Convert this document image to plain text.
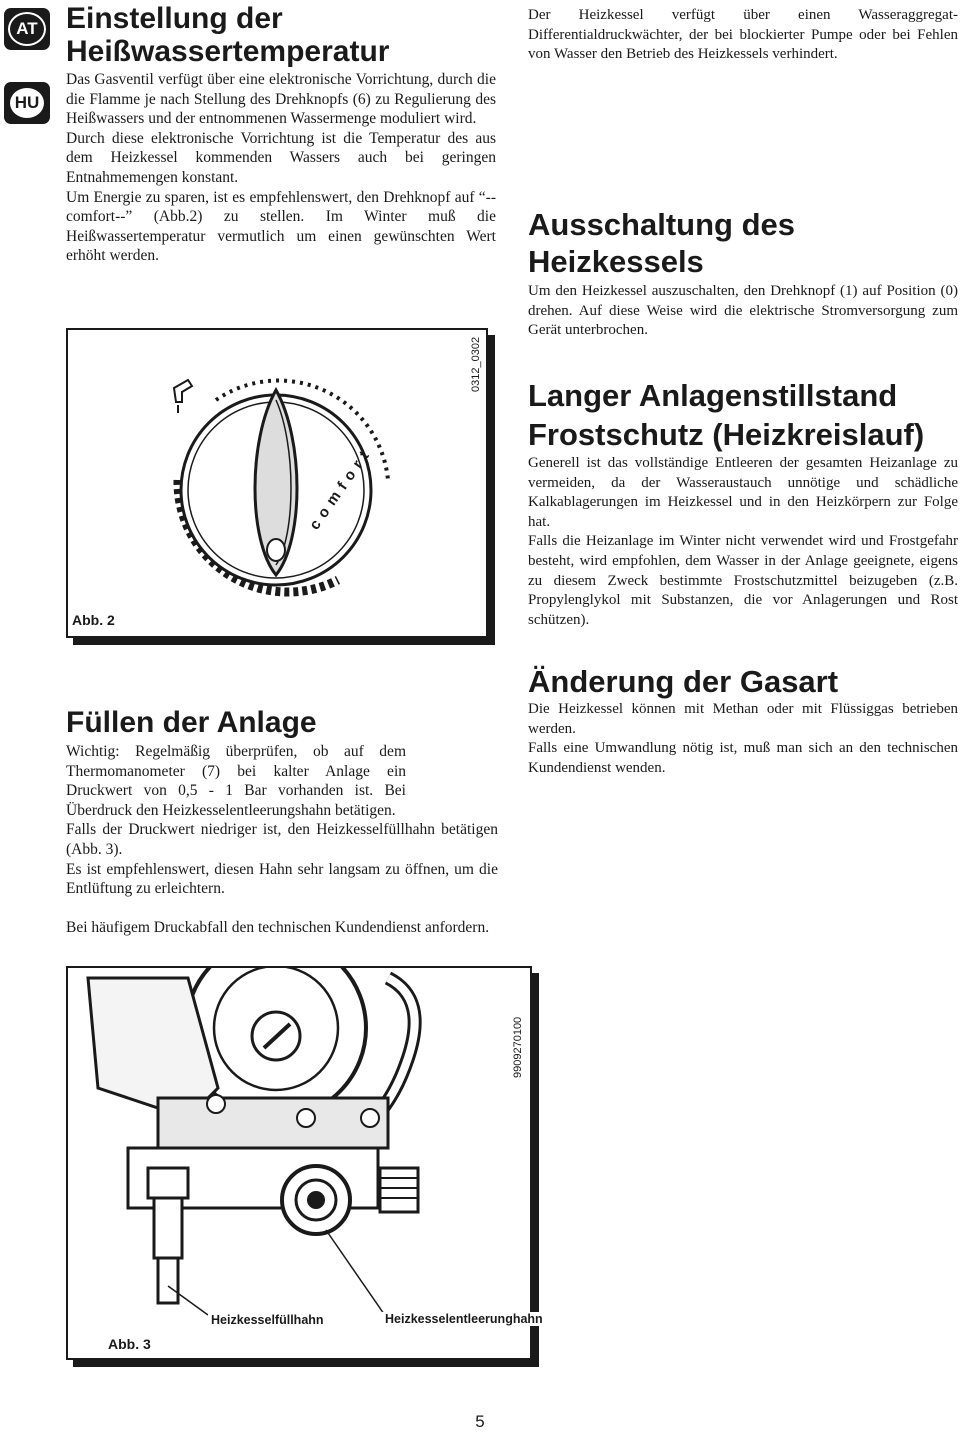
AT
HU
Einstellung der
Heißwassertemperatur

Das Gasventil verfügt über eine elektronische Vorrichtung, durch die die Flamme je nach Stellung des Drehknopfs (6) zu Regulierung des Heißwassers und der entnommenen Wassermenge moduliert wird.

Durch diese elektronische Vorrichtung ist die Temperatur des aus dem Heizkessel kommenden Wassers auch bei geringen Entnahmemengen konstant.

Um Energie zu sparen, ist es empfehlenswert, den Drehknopf auf “--comfort--” (Abb.2) zu stellen. Im Winter muß die Heißwassertemperatur vermutlich um einen gewünschten Wert erhöht werden.

comfort
Abb. 2
0312_0302
Füllen der Anlage

Wichtig: Regelmäßig überprüfen, ob auf dem Thermomanometer (7) bei kalter Anlage ein Druckwert von 0,5 - 1 Bar vorhanden ist. Bei Überdruck den Heizkesselentleerungshahn betätigen.

Falls der Druckwert niedriger ist, den Heizkesselfüllhahn betätigen (Abb. 3).

Es ist empfehlenswert, diesen Hahn sehr langsam zu öffnen, um die Entlüftung zu erleichtern.

Bei häufigem Druckabfall den technischen Kundendienst anfordern.

Heizkesselfüllhahn	Heizkesselentleerunghahn
Abb. 3
9909270100

Der Heizkessel verfügt über einen Wasseraggregat-Differentialdruckwächter, der bei blockierter Pumpe oder bei Fehlen von Wasser den Betrieb des Heizkessels verhindert.

Ausschaltung des
Heizkessels

Um den Heizkessel auszuschalten, den Drehknopf (1) auf Position (0) drehen. Auf diese Weise wird die elektrische Stromversorgung zum Gerät unterbrochen.

Langer Anlagenstillstand
Frostschutz (Heizkreislauf)

Generell ist das vollständige Entleeren der gesamten Heizanlage zu vermeiden, da der Wasseraustauch unnötige und schädliche Kalkablagerungen im Heizkessel und in den Heizkörpern zur Folge hat.

Falls die Heizanlage im Winter nicht verwendet wird und Frostgefahr besteht, wird empfohlen, dem Wasser in der Anlage geeignete, eigens zu diesem Zweck bestimmte Frostschutzmittel beizugeben (z.B. Propylenglykol mit Substanzen, die vor Anlagerungen und Rost schützen).

Änderung der Gasart

Die Heizkessel können mit Methan oder mit Flüssiggas betrieben werden.

Falls eine Umwandlung nötig ist, muß man sich an den technischen Kundendienst wenden.

5
